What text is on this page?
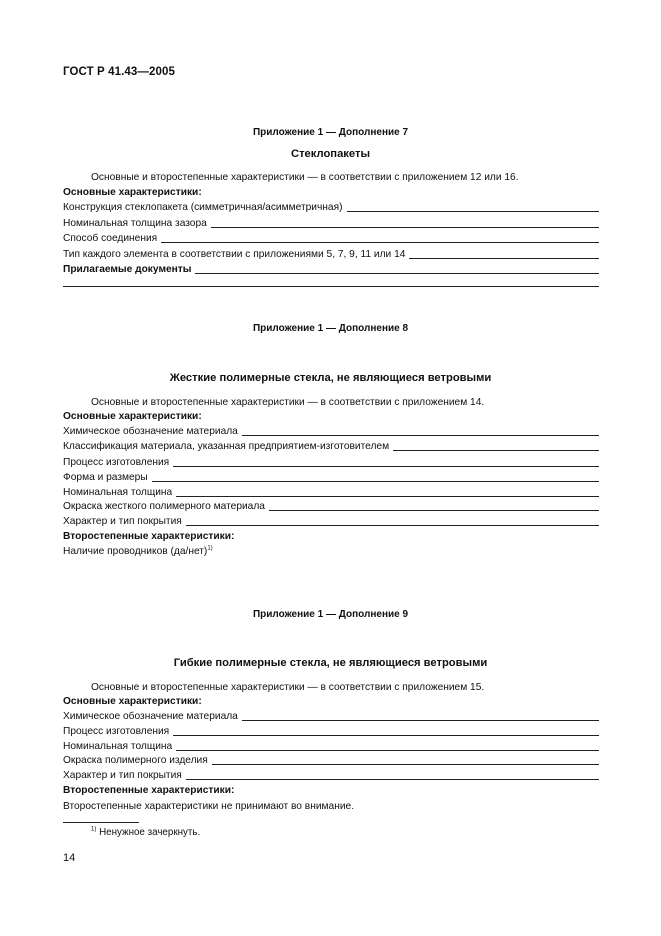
ГОСТ Р 41.43—2005
Приложение 1 — Дополнение 7
Стеклопакеты
Основные и второстепенные характеристики — в соответствии с приложением 12 или 16.
Основные характеристики:
Конструкция стеклопакета (симметричная/асимметричная)
Номинальная толщина зазора
Способ соединения
Тип каждого элемента в соответствии с приложениями 5, 7, 9, 11 или 14
Прилагаемые документы
Приложение 1 — Дополнение 8
Жесткие полимерные стекла, не являющиеся ветровыми
Основные и второстепенные характеристики — в соответствии с приложением 14.
Основные характеристики:
Химическое обозначение материала
Классификация материала, указанная предприятием-изготовителем
Процесс изготовления
Форма и размеры
Номинальная толщина
Окраска жесткого полимерного материала
Характер и тип покрытия
Второстепенные характеристики:
Наличие проводников $(да/нет)^{1)}$
Приложение 1 — Дополнение 9
Гибкие полимерные стекла, не являющиеся ветровыми
Основные и второстепенные характеристики — в соответствии с приложением 15.
Основные характеристики:
Химическое обозначение материала
Процесс изготовления
Номинальная толщина
Окраска полимерного изделия
Характер и тип покрытия
Второстепенные характеристики:
Второстепенные характеристики не принимают во внимание.
$^{1)}$ Ненужное зачеркнуть.
14
